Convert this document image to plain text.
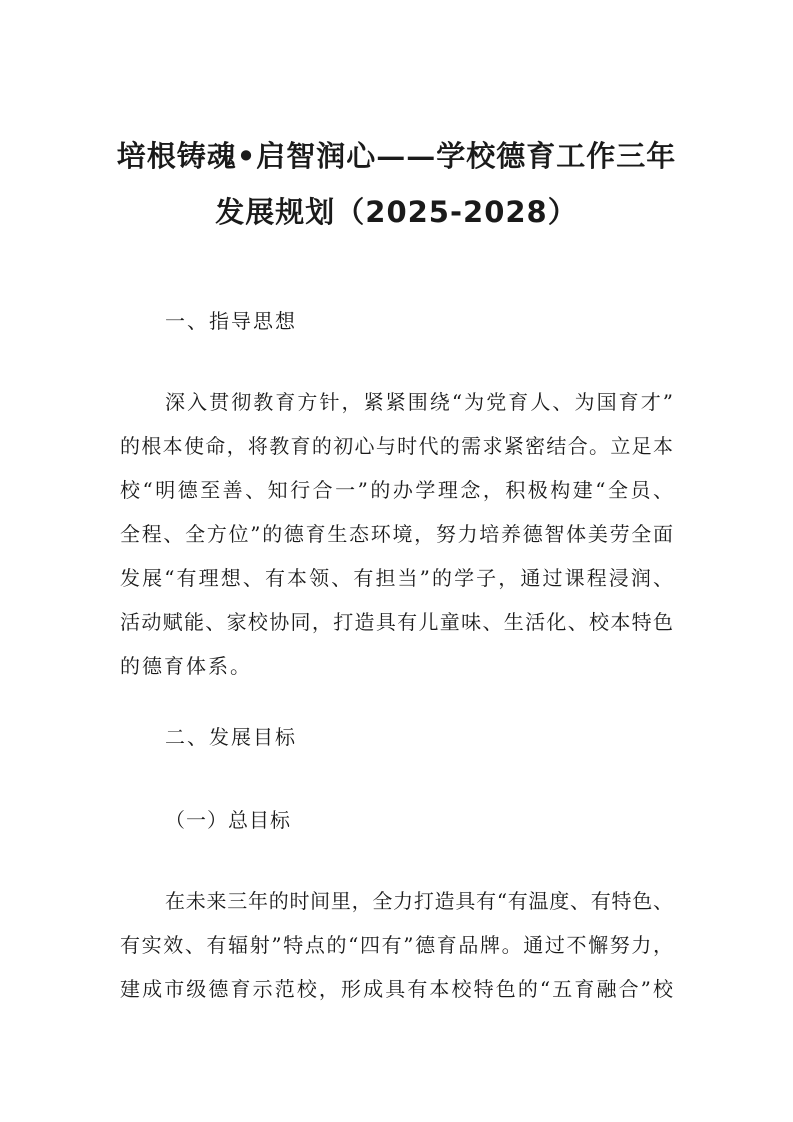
培根铸魂•启智润心——学校德育工作三年
发展规划（2025-2028）
一、指导思想
深入贯彻教育方针，紧紧围绕“为党育人、为国育才”
的根本使命，将教育的初心与时代的需求紧密结合。立足本
校“明德至善、知行合一”的办学理念，积极构建“全员、
全程、全方位”的德育生态环境，努力培养德智体美劳全面
发展“有理想、有本领、有担当”的学子，通过课程浸润、
活动赋能、家校协同，打造具有儿童味、生活化、校本特色
的德育体系。
二、发展目标
（一）总目标
在未来三年的时间里，全力打造具有“有温度、有特色、
有实效、有辐射”特点的“四有”德育品牌。通过不懈努力，
建成市级德育示范校，形成具有本校特色的“五育融合”校
